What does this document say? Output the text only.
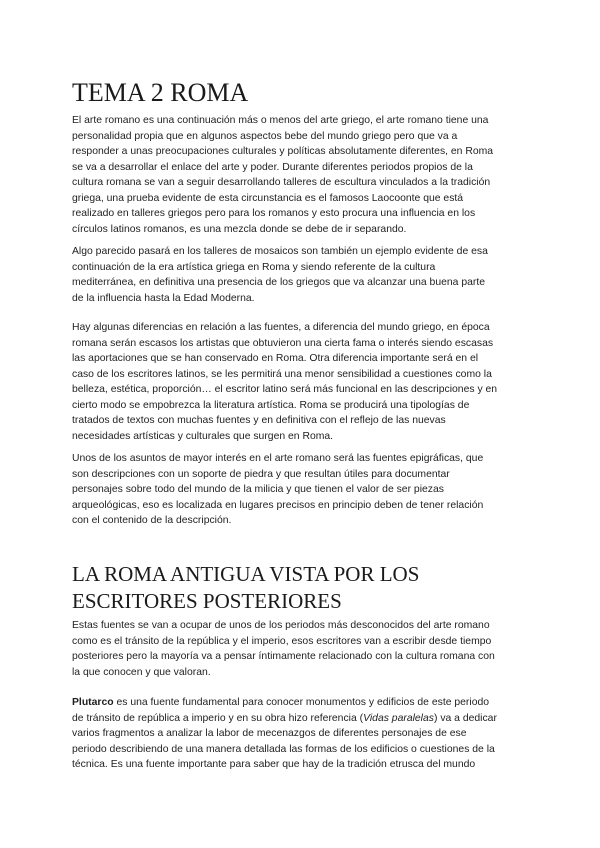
TEMA 2 ROMA

El arte romano es una continuación más o menos del arte griego, el arte romano tiene una
personalidad propia que en algunos aspectos bebe del mundo griego pero que va a
responder a unas preocupaciones culturales y políticas absolutamente diferentes, en Roma
se va a desarrollar el enlace del arte y poder. Durante diferentes periodos propios de la
cultura romana se van a seguir desarrollando talleres de escultura vinculados a la tradición
griega, una prueba evidente de esta circunstancia es el famosos Laocoonte que está
realizado en talleres griegos pero para los romanos y esto procura una influencia en los
círculos latinos romanos, es una mezcla donde se debe de ir separando.

Algo parecido pasará en los talleres de mosaicos son también un ejemplo evidente de esa
continuación de la era artística griega en Roma y siendo referente de la cultura
mediterránea, en definitiva una presencia de los griegos que va alcanzar una buena parte
de la influencia hasta la Edad Moderna.

Hay algunas diferencias en relación a las fuentes, a diferencia del mundo griego, en época
romana serán escasos los artistas que obtuvieron una cierta fama o interés siendo escasas
las aportaciones que se han conservado en Roma. Otra diferencia importante será en el
caso de los escritores latinos, se les permitirá una menor sensibilidad a cuestiones como la
belleza, estética, proporción… el escritor latino será más funcional en las descripciones y en
cierto modo se empobrezca la literatura artística. Roma se producirá una tipologías de
tratados de textos con muchas fuentes y en definitiva con el reflejo de las nuevas
necesidades artísticas y culturales que surgen en Roma.

Unos de los asuntos de mayor interés en el arte romano será las fuentes epigráficas, que
son descripciones con un soporte de piedra y que resultan útiles para documentar
personajes sobre todo del mundo de la milicia y que tienen el valor de ser piezas
arqueológicas, eso es localizada en lugares precisos en principio deben de tener relación
con el contenido de la descripción.

LA ROMA ANTIGUA VISTA POR LOS
ESCRITORES POSTERIORES

Estas fuentes se van a ocupar de unos de los periodos más desconocidos del arte romano
como es el tránsito de la república y el imperio, esos escritores van a escribir desde tiempo
posteriores pero la mayoría va a pensar íntimamente relacionado con la cultura romana con
la que conocen y que valoran.

Plutarco es una fuente fundamental para conocer monumentos y edificios de este periodo
de tránsito de república a imperio y en su obra hizo referencia (Vidas paralelas) va a dedicar
varios fragmentos a analizar la labor de mecenazgos de diferentes personajes de ese
periodo describiendo de una manera detallada las formas de los edificios o cuestiones de la
técnica. Es una fuente importante para saber que hay de la tradición etrusca del mundo
